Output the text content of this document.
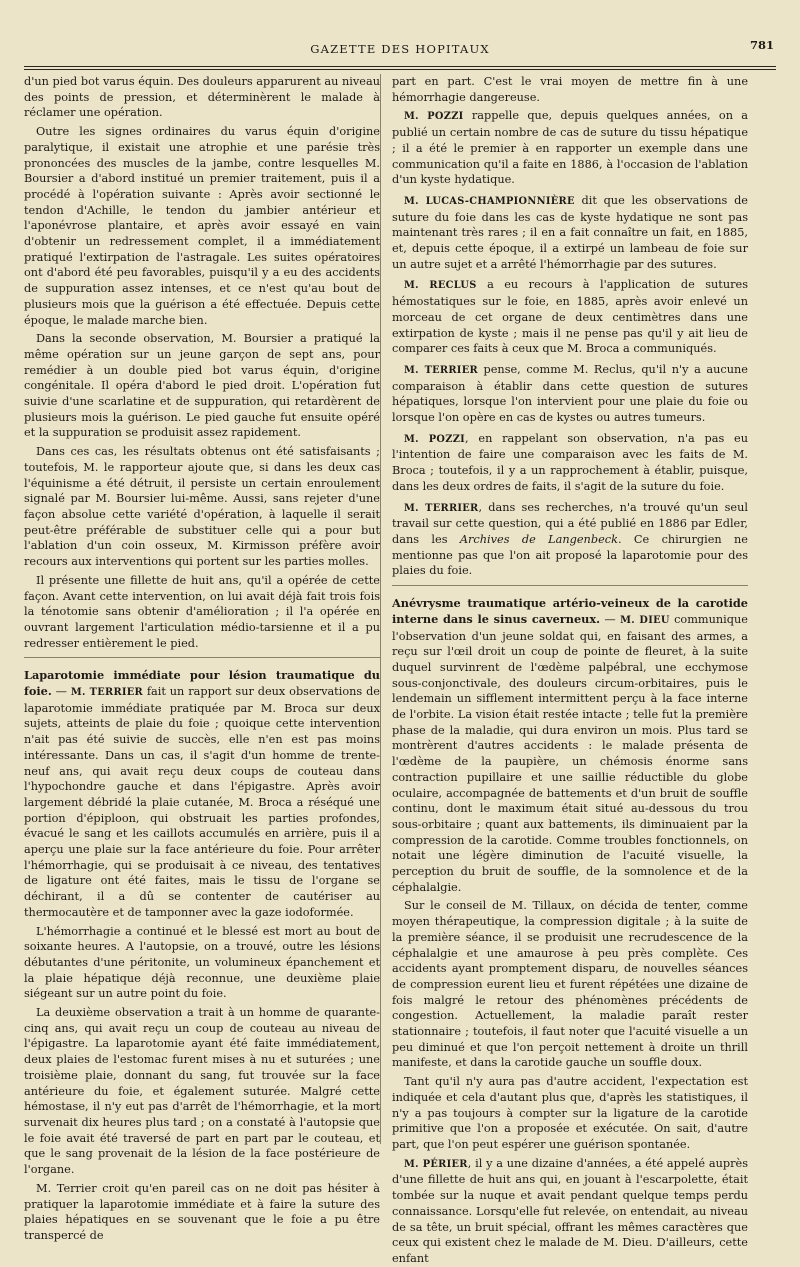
GAZETTE DES HOPITAUX	781

d'un pied bot varus équin. Des douleurs apparurent au niveau des points de pression, et déterminèrent le malade à réclamer une opération.

Outre les signes ordinaires du varus équin d'origine paralytique, il existait une atrophie et une parésie très prononcées des muscles de la jambe, contre lesquelles M. Boursier a d'abord institué un premier traitement, puis il a procédé à l'opération suivante : Après avoir sectionné le tendon d'Achille, le tendon du jambier antérieur et l'aponévrose plantaire, et après avoir essayé en vain d'obtenir un redressement complet, il a immédiatement pratiqué l'extirpation de l'astragale. Les suites opératoires ont d'abord été peu favorables, puisqu'il y a eu des accidents de suppuration assez intenses, et ce n'est qu'au bout de plusieurs mois que la guérison a été effectuée. Depuis cette époque, le malade marche bien.

Dans la seconde observation, M. Boursier a pratiqué la même opération sur un jeune garçon de sept ans, pour remédier à un double pied bot varus équin, d'origine congénitale. Il opéra d'abord le pied droit. L'opération fut suivie d'une scarlatine et de suppuration, qui retardèrent de plusieurs mois la guérison. Le pied gauche fut ensuite opéré et la suppuration se produisit assez rapidement.

Dans ces cas, les résultats obtenus ont été satisfaisants ; toutefois, M. le rapporteur ajoute que, si dans les deux cas l'équinisme a été détruit, il persiste un certain enroulement signalé par M. Boursier lui-même. Aussi, sans rejeter d'une façon absolue cette variété d'opération, à laquelle il serait peut-être préférable de substituer celle qui a pour but l'ablation d'un coin osseux, M. Kirmisson préfère avoir recours aux interventions qui portent sur les parties molles.

Il présente une fillette de huit ans, qu'il a opérée de cette façon. Avant cette intervention, on lui avait déjà fait trois fois la ténotomie sans obtenir d'amélioration ; il l'a opérée en ouvrant largement l'articulation médio-tarsienne et il a pu redresser entièrement le pied.

Laparotomie immédiate pour lésion traumatique du foie. — M. TERRIER fait un rapport sur deux observations de laparotomie immédiate pratiquée par M. Broca sur deux sujets, atteints de plaie du foie ; quoique cette intervention n'ait pas été suivie de succès, elle n'en est pas moins intéressante. Dans un cas, il s'agit d'un homme de trente-neuf ans, qui avait reçu deux coups de couteau dans l'hypochondre gauche et dans l'épigastre. Après avoir largement débridé la plaie cutanée, M. Broca a réséqué une portion d'épiploon, qui obstruait les parties profondes, évacué le sang et les caillots accumulés en arrière, puis il a aperçu une plaie sur la face antérieure du foie. Pour arrêter l'hémorrhagie, qui se produisait à ce niveau, des tentatives de ligature ont été faites, mais le tissu de l'organe se déchirant, il a dû se contenter de cautériser au thermocautère et de tamponner avec la gaze iodoformée.

L'hémorrhagie a continué et le blessé est mort au bout de soixante heures. A l'autopsie, on a trouvé, outre les lésions débutantes d'une péritonite, un volumineux épanchement et la plaie hépatique déjà reconnue, une deuxième plaie siégeant sur un autre point du foie.

La deuxième observation a trait à un homme de quarante-cinq ans, qui avait reçu un coup de couteau au niveau de l'épigastre. La laparotomie ayant été faite immédiatement, deux plaies de l'estomac furent mises à nu et suturées ; une troisième plaie, donnant du sang, fut trouvée sur la face antérieure du foie, et également suturée. Malgré cette hémostase, il n'y eut pas d'arrêt de l'hémorrhagie, et la mort survenait dix heures plus tard ; on a constaté à l'autopsie que le foie avait été traversé de part en part par le couteau, et que le sang provenait de la lésion de la face postérieure de l'organe.

M. Terrier croit qu'en pareil cas on ne doit pas hésiter à pratiquer la laparotomie immédiate et à faire la suture des plaies hépatiques en se souvenant que le foie a pu être transpercé de

part en part. C'est le vrai moyen de mettre fin à une hémorrhagie dangereuse.

M. POZZI rappelle que, depuis quelques années, on a publié un certain nombre de cas de suture du tissu hépatique ; il a été le premier à en rapporter un exemple dans une communication qu'il a faite en 1886, à l'occasion de l'ablation d'un kyste hydatique.

M. LUCAS-CHAMPIONNIÈRE dit que les observations de suture du foie dans les cas de kyste hydatique ne sont pas maintenant très rares ; il en a fait connaître un fait, en 1885, et, depuis cette époque, il a extirpé un lambeau de foie sur un autre sujet et a arrêté l'hémorrhagie par des sutures.

M. RECLUS a eu recours à l'application de sutures hémostatiques sur le foie, en 1885, après avoir enlevé un morceau de cet organe de deux centimètres dans une extirpation de kyste ; mais il ne pense pas qu'il y ait lieu de comparer ces faits à ceux que M. Broca a communiqués.

M. TERRIER pense, comme M. Reclus, qu'il n'y a aucune comparaison à établir dans cette question de sutures hépatiques, lorsque l'on intervient pour une plaie du foie ou lorsque l'on opère en cas de kystes ou autres tumeurs.

M. POZZI, en rappelant son observation, n'a pas eu l'intention de faire une comparaison avec les faits de M. Broca ; toutefois, il y a un rapprochement à établir, puisque, dans les deux ordres de faits, il s'agit de la suture du foie.

M. TERRIER, dans ses recherches, n'a trouvé qu'un seul travail sur cette question, qui a été publié en 1886 par Edler, dans les Archives de Langenbeck. Ce chirurgien ne mentionne pas que l'on ait proposé la laparotomie pour des plaies du foie.

Anévrysme traumatique artério-veineux de la carotide interne dans le sinus caverneux. — M. DIEU communique l'observation d'un jeune soldat qui, en faisant des armes, a reçu sur l'œil droit un coup de pointe de fleuret, à la suite duquel survinrent de l'œdème palpébral, une ecchymose sous-conjonctivale, des douleurs circum-orbitaires, puis le lendemain un sifflement intermittent perçu à la face interne de l'orbite. La vision était restée intacte ; telle fut la première phase de la maladie, qui dura environ un mois. Plus tard se montrèrent d'autres accidents : le malade présenta de l'œdème de la paupière, un chémosis énorme sans contraction pupillaire et une saillie réductible du globe oculaire, accompagnée de battements et d'un bruit de souffle continu, dont le maximum était situé au-dessous du trou sous-orbitaire ; quant aux battements, ils diminuaient par la compression de la carotide. Comme troubles fonctionnels, on notait une légère diminution de l'acuité visuelle, la perception du bruit de souffle, de la somnolence et de la céphalalgie.

Sur le conseil de M. Tillaux, on décida de tenter, comme moyen thérapeutique, la compression digitale ; à la suite de la première séance, il se produisit une recrudescence de la céphalalgie et une amaurose à peu près complète. Ces accidents ayant promptement disparu, de nouvelles séances de compression eurent lieu et furent répétées une dizaine de fois malgré le retour des phénomènes précédents de congestion. Actuellement, la maladie paraît rester stationnaire ; toutefois, il faut noter que l'acuité visuelle a un peu diminué et que l'on perçoit nettement à droite un thrill manifeste, et dans la carotide gauche un souffle doux.

Tant qu'il n'y aura pas d'autre accident, l'expectation est indiquée et cela d'autant plus que, d'après les statistiques, il n'y a pas toujours à compter sur la ligature de la carotide primitive que l'on a proposée et exécutée. On sait, d'autre part, que l'on peut espérer une guérison spontanée.

M. PÉRIER, il y a une dizaine d'années, a été appelé auprès d'une fillette de huit ans qui, en jouant à l'escarpolette, était tombée sur la nuque et avait pendant quelque temps perdu connaissance. Lorsqu'elle fut relevée, on entendait, au niveau de sa tête, un bruit spécial, offrant les mêmes caractères que ceux qui existent chez le malade de M. Dieu. D'ailleurs, cette enfant
